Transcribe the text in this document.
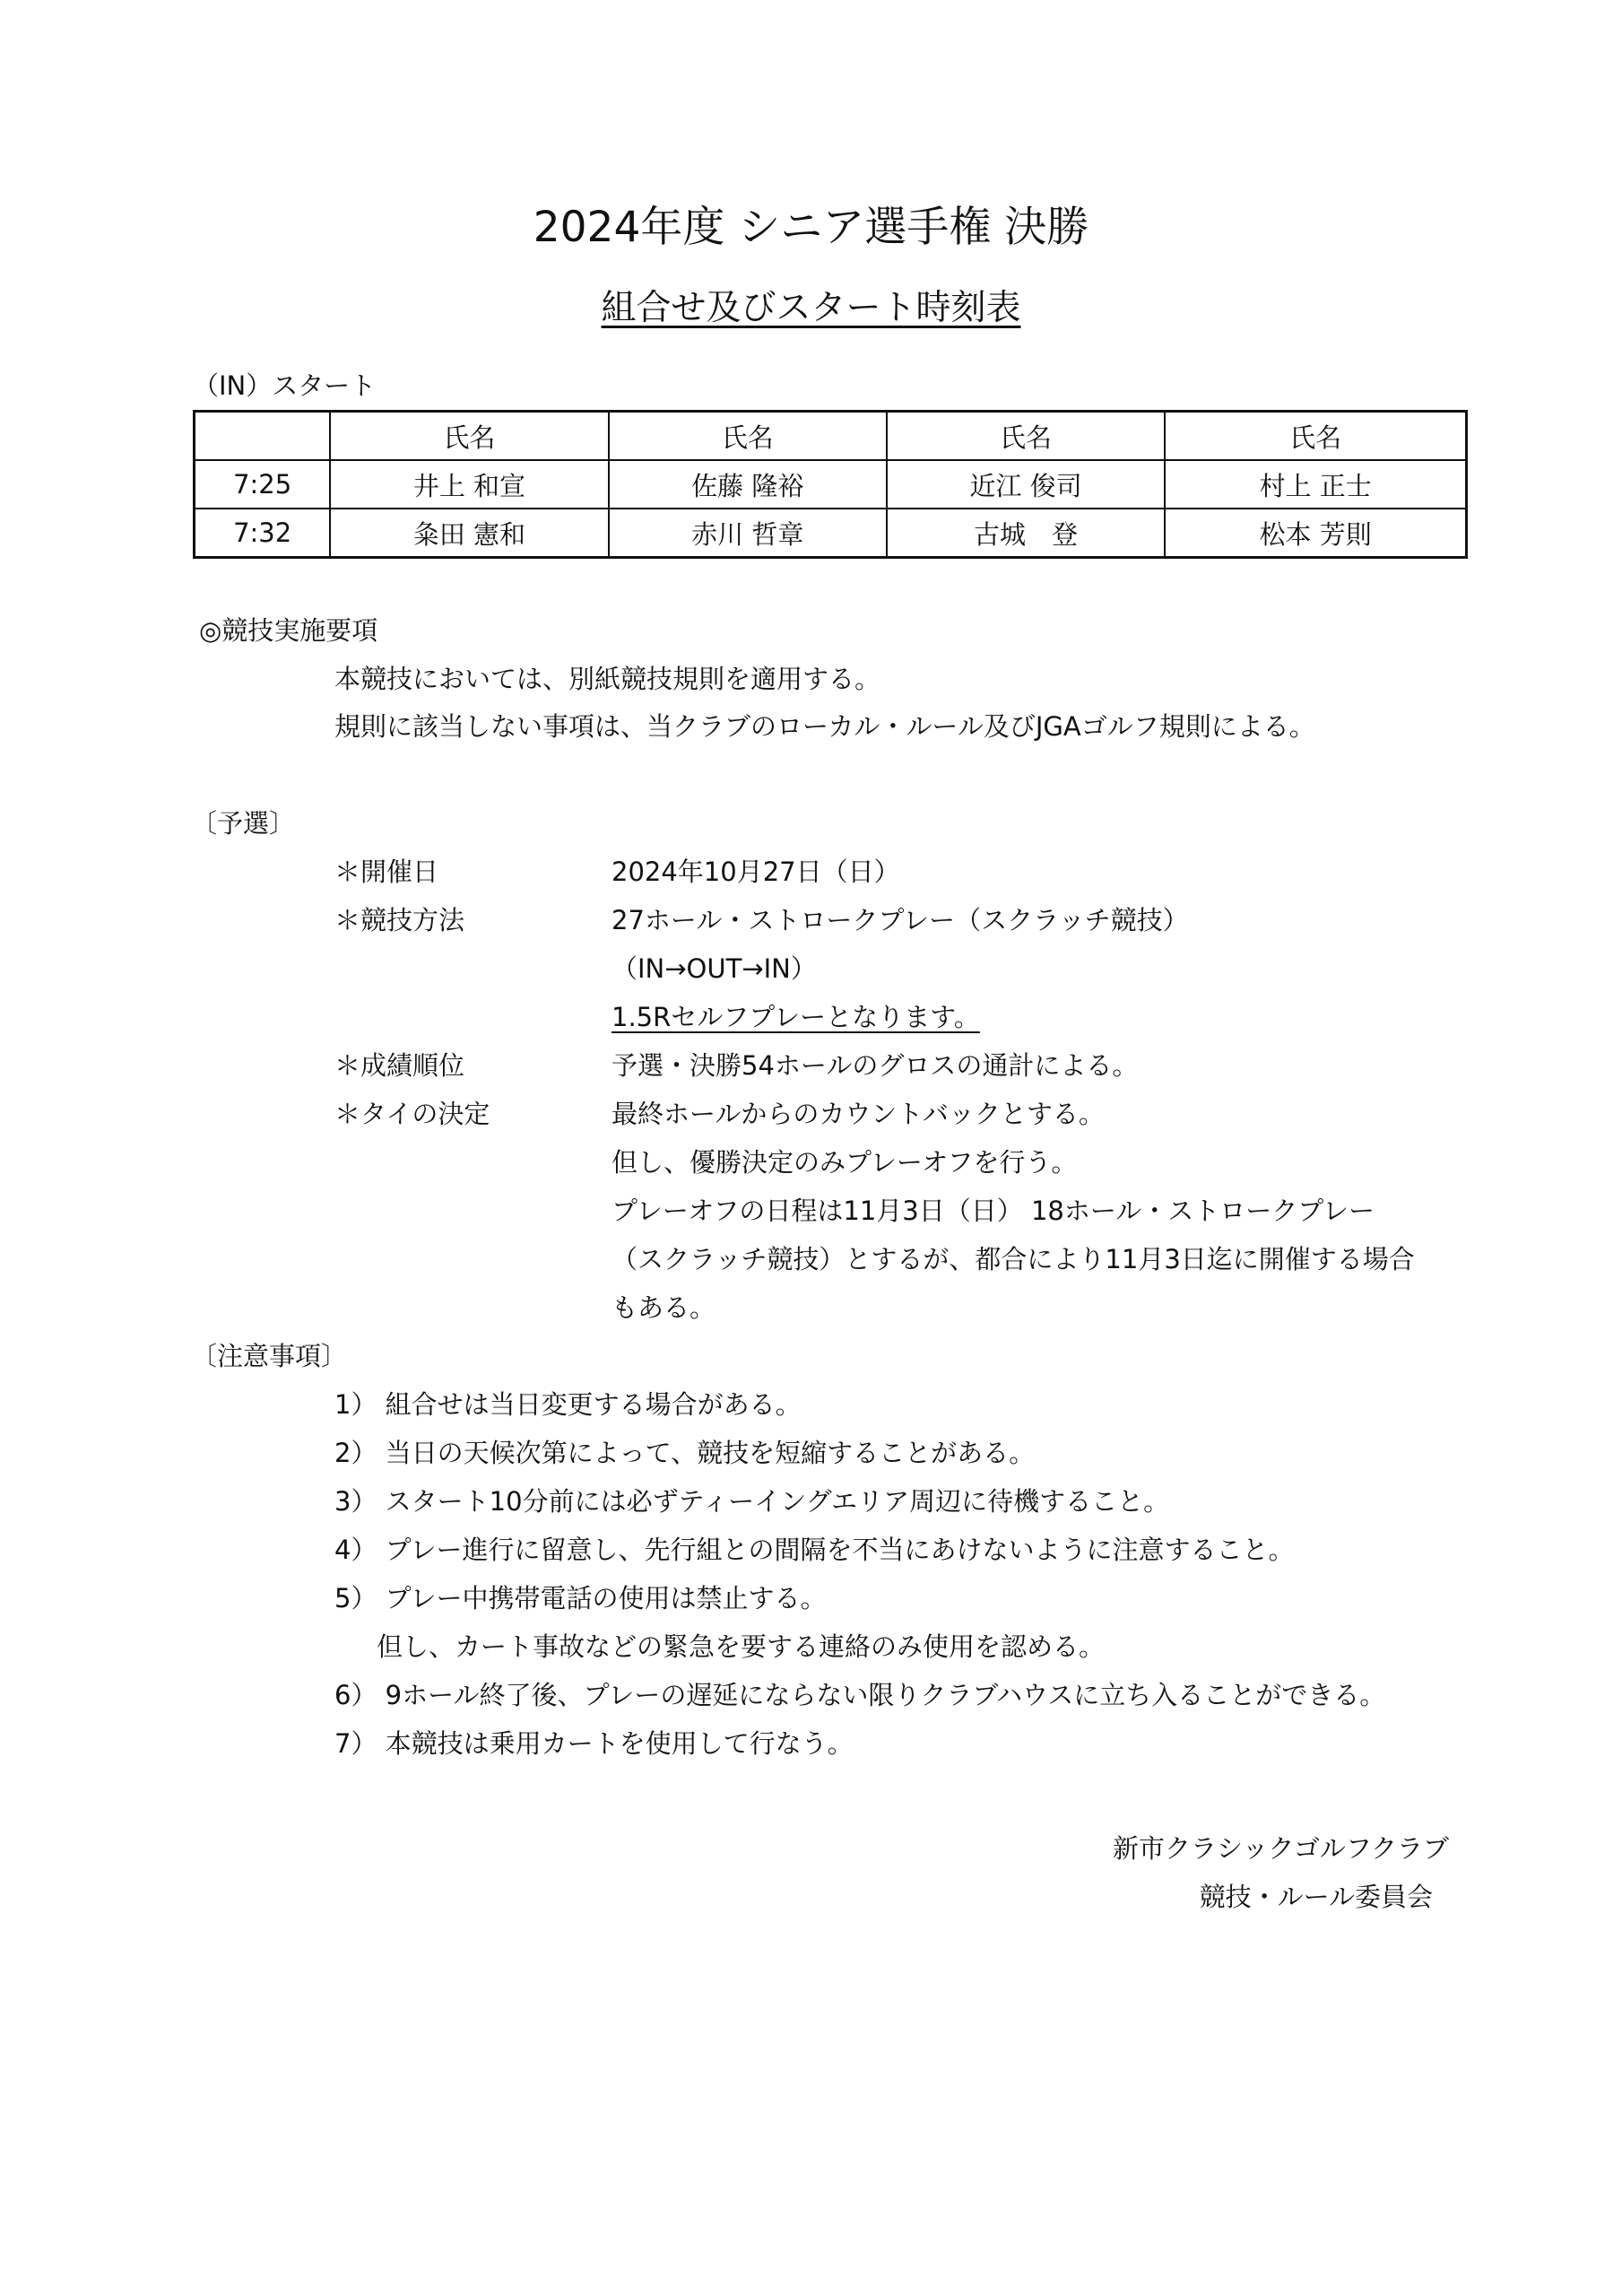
2024年度 シニア選手権 決勝
組合せ及びスタート時刻表
（IN）スタート
	氏名	氏名	氏名	氏名
7:25	井上 和宣	佐藤 隆裕	近江 俊司	村上 正士
7:32	粂田 憲和	赤川 哲章	古城　登	松本 芳則
◎競技実施要項
本競技においては、別紙競技規則を適用する。
規則に該当しない事項は、当クラブのローカル・ルール及びJGAゴルフ規則による。
〔予選〕
＊開催日	2024年10月27日（日）
＊競技方法	27ホール・ストロークプレー（スクラッチ競技）
（IN→OUT→IN）
1.5Rセルフプレーとなります。
＊成績順位	予選・決勝54ホールのグロスの通計による。
＊タイの決定	最終ホールからのカウントバックとする。
但し、優勝決定のみプレーオフを行う。
プレーオフの日程は11月3日（日） 18ホール・ストロークプレー
（スクラッチ競技）とするが、都合により11月3日迄に開催する場合
もある。
〔注意事項〕
1） 組合せは当日変更する場合がある。
2） 当日の天候次第によって、競技を短縮することがある。
3） スタート10分前には必ずティーイングエリア周辺に待機すること。
4） プレー進行に留意し、先行組との間隔を不当にあけないように注意すること。
5） プレー中携帯電話の使用は禁止する。
但し、カート事故などの緊急を要する連絡のみ使用を認める。
6） 9ホール終了後、プレーの遅延にならない限りクラブハウスに立ち入ることができる。
7） 本競技は乗用カートを使用して行なう。
新市クラシックゴルフクラブ
競技・ルール委員会
